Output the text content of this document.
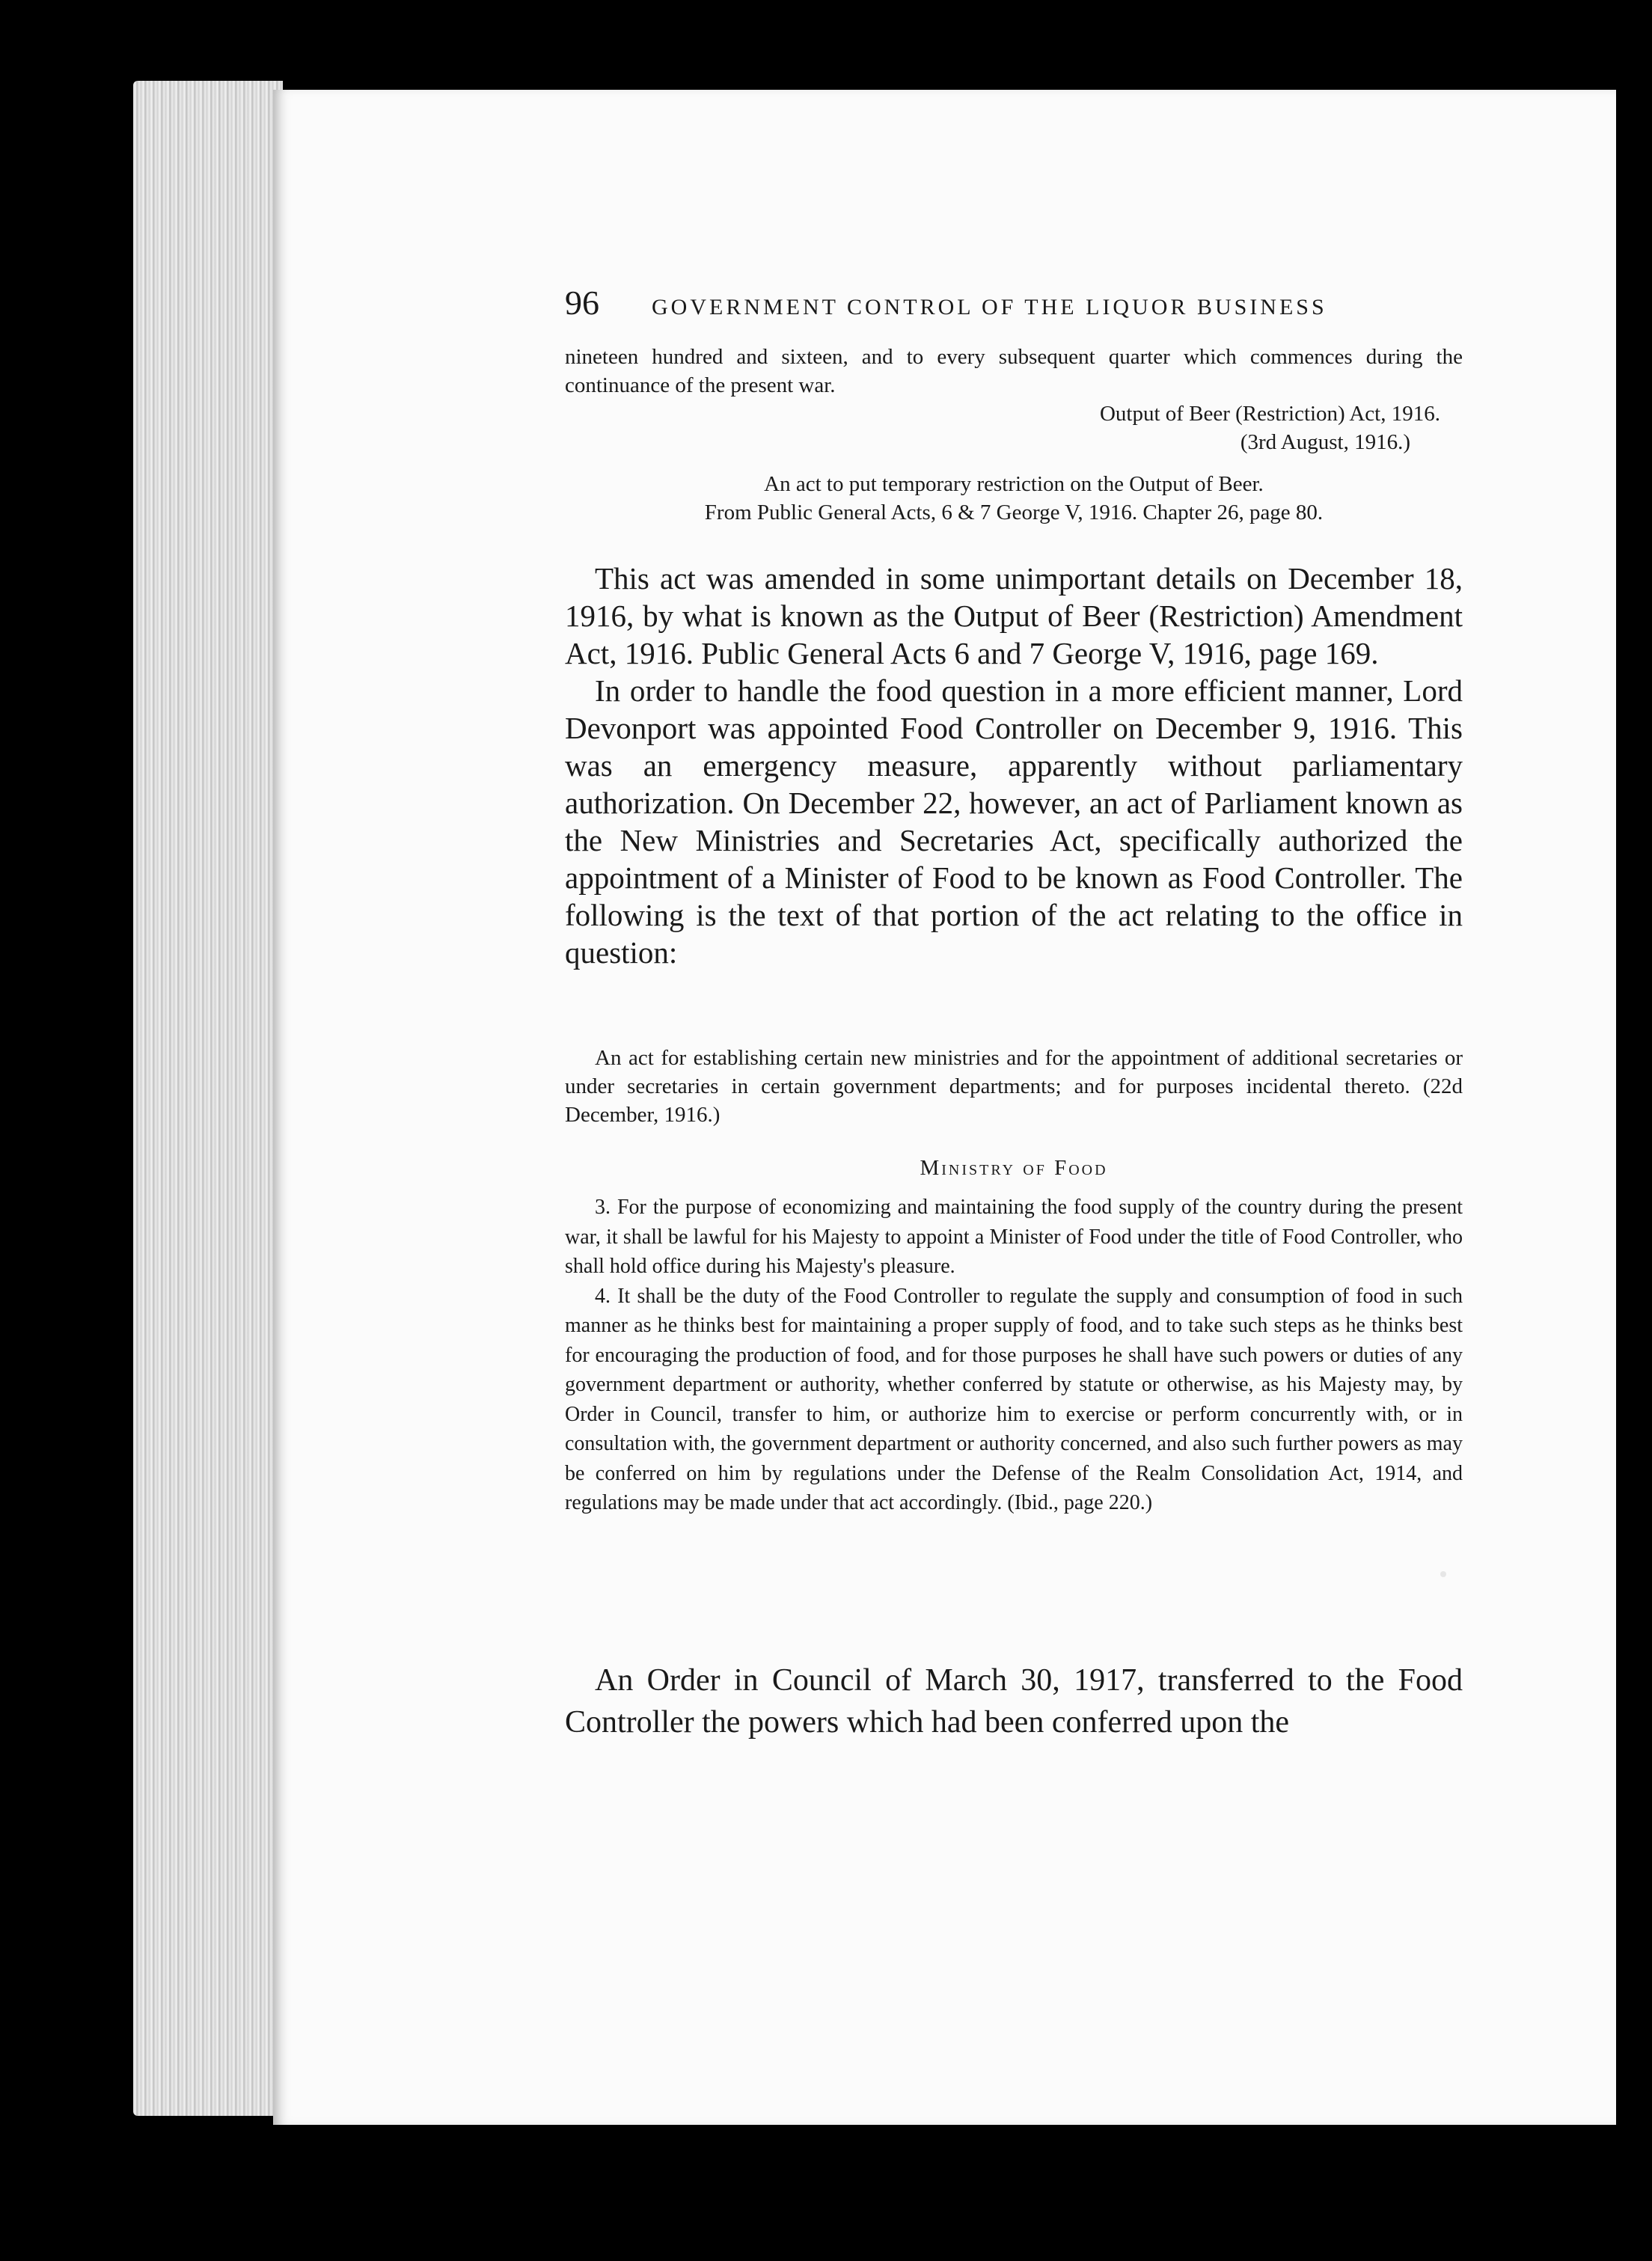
96 GOVERNMENT CONTROL OF THE LIQUOR BUSINESS

nineteen hundred and sixteen, and to every subsequent quarter which commences during the continuance of the present war.

Output of Beer (Restriction) Act, 1916.

(3rd August, 1916.)

An act to put temporary restriction on the Output of Beer.

From Public General Acts, 6 & 7 George V, 1916. Chapter 26, page 80.

This act was amended in some unimportant details on December 18, 1916, by what is known as the Output of Beer (Restriction) Amendment Act, 1916. Public General Acts 6 and 7 George V, 1916, page 169.

In order to handle the food question in a more efficient manner, Lord Devonport was appointed Food Controller on December 9, 1916. This was an emergency measure, apparently without parliamentary authorization. On December 22, however, an act of Parliament known as the New Ministries and Secretaries Act, specifically authorized the appointment of a Minister of Food to be known as Food Controller. The following is the text of that portion of the act relating to the office in question:

An act for establishing certain new ministries and for the appointment of additional secretaries or under secretaries in certain government departments; and for purposes incidental thereto. (22d December, 1916.)

Ministry of Food

3. For the purpose of economizing and maintaining the food supply of the country during the present war, it shall be lawful for his Majesty to appoint a Minister of Food under the title of Food Controller, who shall hold office during his Majesty's pleasure.

4. It shall be the duty of the Food Controller to regulate the supply and consumption of food in such manner as he thinks best for maintaining a proper supply of food, and to take such steps as he thinks best for encouraging the production of food, and for those purposes he shall have such powers or duties of any government department or authority, whether conferred by statute or otherwise, as his Majesty may, by Order in Council, transfer to him, or authorize him to exercise or perform concurrently with, or in consultation with, the government department or authority concerned, and also such further powers as may be conferred on him by regulations under the Defense of the Realm Consolidation Act, 1914, and regulations may be made under that act accordingly. (Ibid., page 220.)

An Order in Council of March 30, 1917, transferred to the Food Controller the powers which had been conferred upon the
